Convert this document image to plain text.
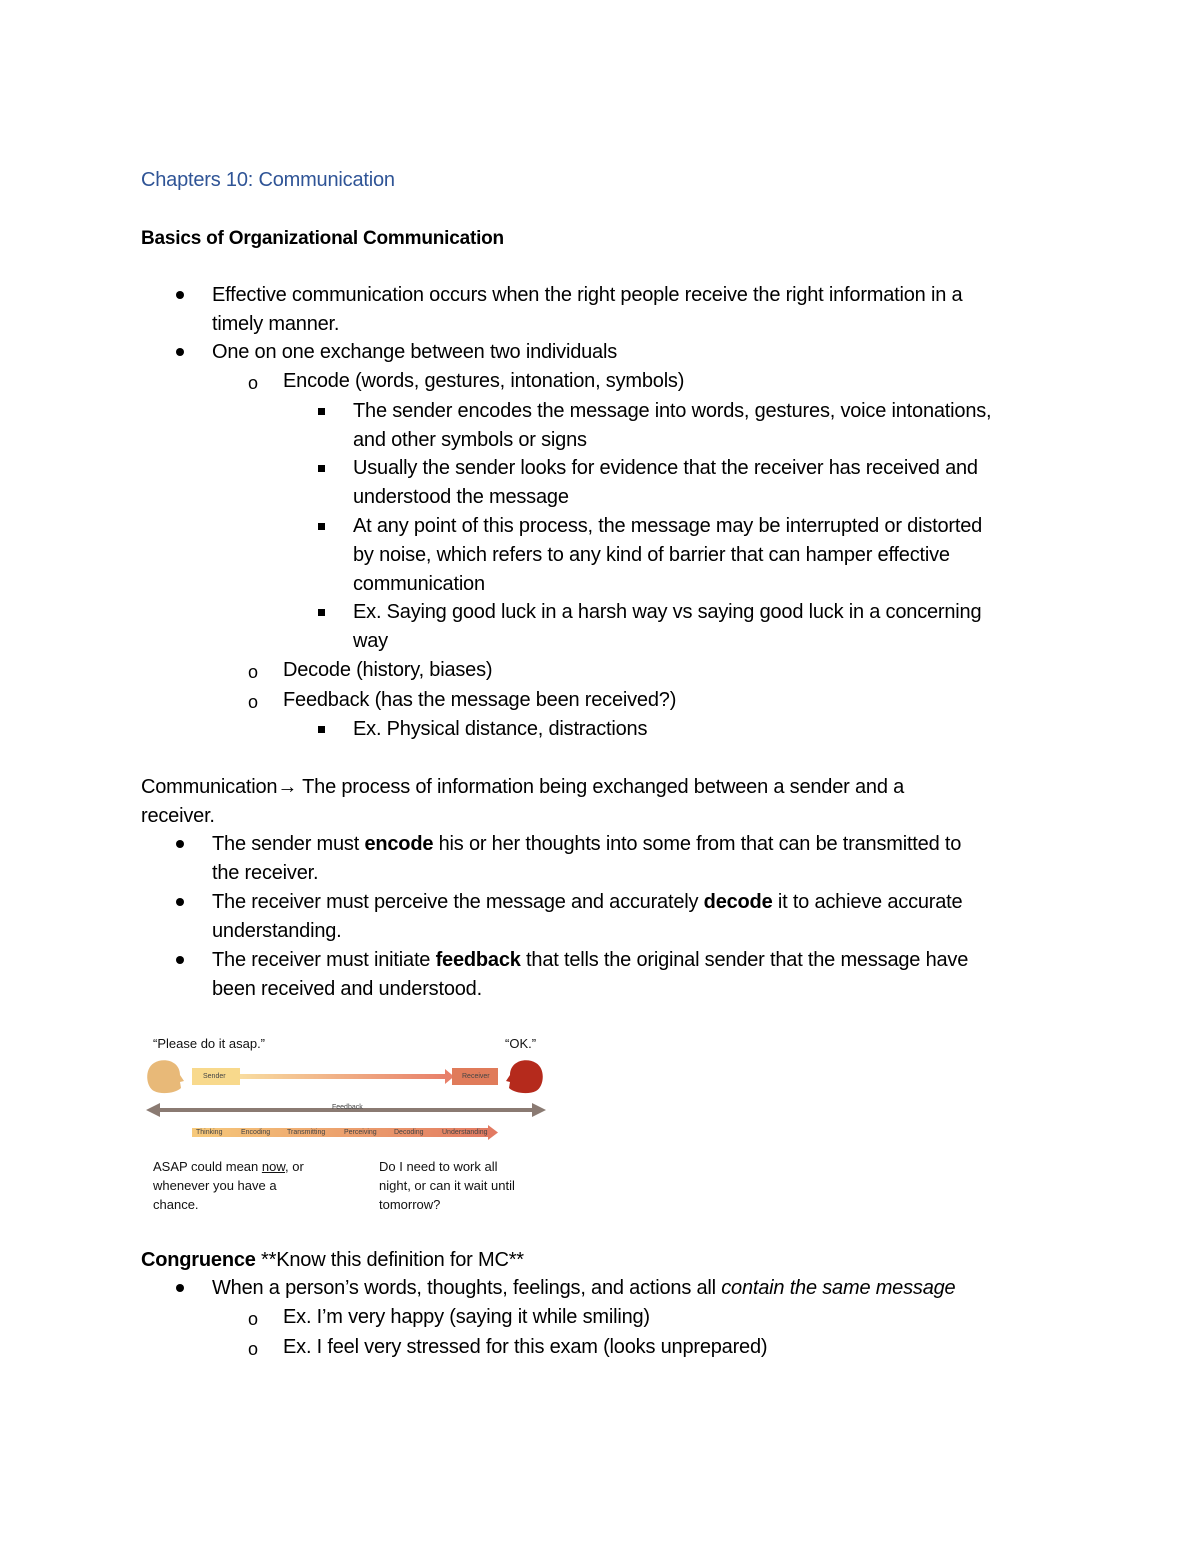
Chapters 10: Communication
Basics of Organizational Communication
Effective communication occurs when the right people receive the right information in a
timely manner.
One on one exchange between two individuals
o Encode (words, gestures, intonation, symbols)
The sender encodes the message into words, gestures, voice intonations,
and other symbols or signs
Usually the sender looks for evidence that the receiver has received and
understood the message
At any point of this process, the message may be interrupted or distorted
by noise, which refers to any kind of barrier that can hamper effective
communication
Ex. Saying good luck in a harsh way vs saying good luck in a concerning
way
o Decode (history, biases)
o Feedback (has the message been received?)
Ex. Physical distance, distractions
Communication→ The process of information being exchanged between a sender and a
receiver.
The sender must encode his or her thoughts into some from that can be transmitted to
the receiver.
The receiver must perceive the message and accurately decode it to achieve accurate
understanding.
The receiver must initiate feedback that tells the original sender that the message have
been received and understood.
“Please do it asap.”	“OK.”
Sender	Receiver
Feedback
Thinking	Encoding Transmitting	Perceiving Decoding	Understanding
ASAP could mean now, or
whenever you have a
chance.
Do I need to work all
night, or can it wait until
tomorrow?
Congruence **Know this definition for MC**
When a person’s words, thoughts, feelings, and actions all contain the same message
o Ex. I’m very happy (saying it while smiling)
o Ex. I feel very stressed for this exam (looks unprepared)
